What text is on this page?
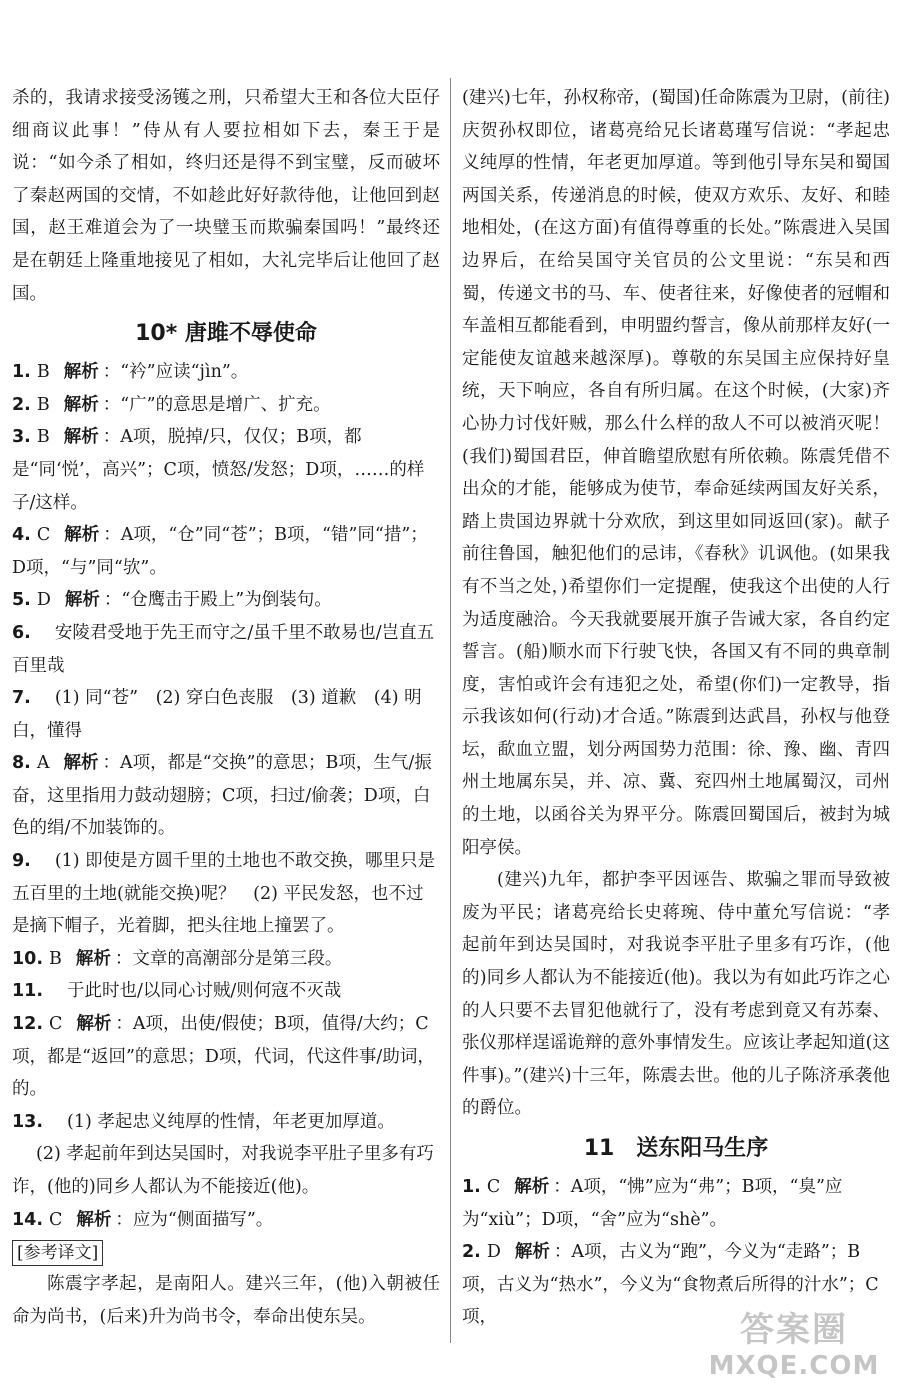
杀的，我请求接受汤镬之刑，只希望大王和各位大臣仔细商议此事！”侍从有人要拉相如下去，秦王于是说：“如今杀了相如，终归还是得不到宝璧，反而破坏了秦赵两国的交情，不如趁此好好款待他，让他回到赵国，赵王难道会为了一块璧玉而欺骗秦国吗！”最终还是在朝廷上隆重地接见了相如，大礼完毕后让他回了赵国。

10* 唐雎不辱使命

1. B 解析 ：“衿”应读“jìn”。

2. B 解析 ：“广”的意思是增广、扩充。

3. B 解析 ：A项，脱掉/只，仅仅；B项，都是“同‘悦’，高兴”；C项，愤怒/发怒；D项，……的样子/这样。

4. C 解析 ：A项，“仓”同“苍”；B项，“错”同“措”；D项，“与”同“欤”。

5. D 解析 ：“仓鹰击于殿上”为倒装句。

6. 安陵君受地于先王而守之/虽千里不敢易也/岂直五百里哉

7. (1) 同“苍”　(2) 穿白色丧服　(3) 道歉　(4) 明白，懂得

8. A 解析 ：A项，都是“交换”的意思；B项，生气/振奋，这里指用力鼓动翅膀；C项，扫过/偷袭；D项，白色的绢/不加装饰的。

9. (1) 即使是方圆千里的土地也不敢交换，哪里只是五百里的土地(就能交换)呢？　(2) 平民发怒，也不过是摘下帽子，光着脚，把头往地上撞罢了。

10. B 解析 ：文章的高潮部分是第三段。

11. 于此时也/以同心讨贼/则何寇不灭哉

12. C 解析 ：A项，出使/假使；B项，值得/大约；C项，都是“返回”的意思；D项，代词，代这件事/助词，的。

13. (1) 孝起忠义纯厚的性情，年老更加厚道。

(2) 孝起前年到达吴国时，对我说李平肚子里多有巧诈，(他的)同乡人都认为不能接近(他)。

14. C 解析 ：应为“侧面描写”。

[参考译文]

陈震字孝起，是南阳人。建兴三年，(他)入朝被任命为尚书，(后来)升为尚书令，奉命出使东吴。

(建兴)七年，孙权称帝，(蜀国)任命陈震为卫尉，(前往)庆贺孙权即位，诸葛亮给兄长诸葛瑾写信说：“孝起忠义纯厚的性情，年老更加厚道。等到他引导东吴和蜀国两国关系，传递消息的时候，使双方欢乐、友好、和睦地相处，(在这方面)有值得尊重的长处。”陈震进入吴国边界后，在给吴国守关官员的公文里说：“东吴和西蜀，传递文书的马、车、使者往来，好像使者的冠帽和车盖相互都能看到，申明盟约誓言，像从前那样友好(一定能使友谊越来越深厚)。尊敬的东吴国主应保持好皇统，天下响应，各自有所归属。在这个时候，(大家)齐心协力讨伐奸贼，那么什么样的敌人不可以被消灭呢！(我们)蜀国君臣，伸首瞻望欣慰有所依赖。陈震凭借不出众的才能，能够成为使节，奉命延续两国友好关系，踏上贵国边界就十分欢欣，到这里如同返回(家)。献子前往鲁国，触犯他们的忌讳，《春秋》讥讽他。(如果我有不当之处，)希望你们一定提醒，使我这个出使的人行为适度融洽。今天我就要展开旗子告诫大家，各自约定誓言。(船)顺水而下行驶飞快，各国又有不同的典章制度，害怕或许会有违犯之处，希望(你们)一定教导，指示我该如何(行动)才合适。”陈震到达武昌，孙权与他登坛，歃血立盟，划分两国势力范围：徐、豫、幽、青四州土地属东吴，并、凉、冀、兖四州土地属蜀汉，司州的土地，以函谷关为界平分。陈震回蜀国后，被封为城阳亭侯。

(建兴)九年，都护李平因诬告、欺骗之罪而导致被废为平民；诸葛亮给长史蒋琬、侍中董允写信说：“孝起前年到达吴国时，对我说李平肚子里多有巧诈，(他的)同乡人都认为不能接近(他)。我以为有如此巧诈之心的人只要不去冒犯他就行了，没有考虑到竟又有苏秦、张仪那样逞谣诡辩的意外事情发生。应该让孝起知道(这件事)。”(建兴)十三年，陈震去世。他的儿子陈济承袭他的爵位。

11　送东阳马生序

1. C 解析 ：A项，“怫”应为“弗”；B项，“臭”应为“xiù”；D项，“舍”应为“shè”。

2. D 解析 ：A项，古义为“跑”，今义为“走路”；B项，古义为“热水”，今义为“食物煮后所得的汁水”；C项，	答案圈
MXQE.COM
